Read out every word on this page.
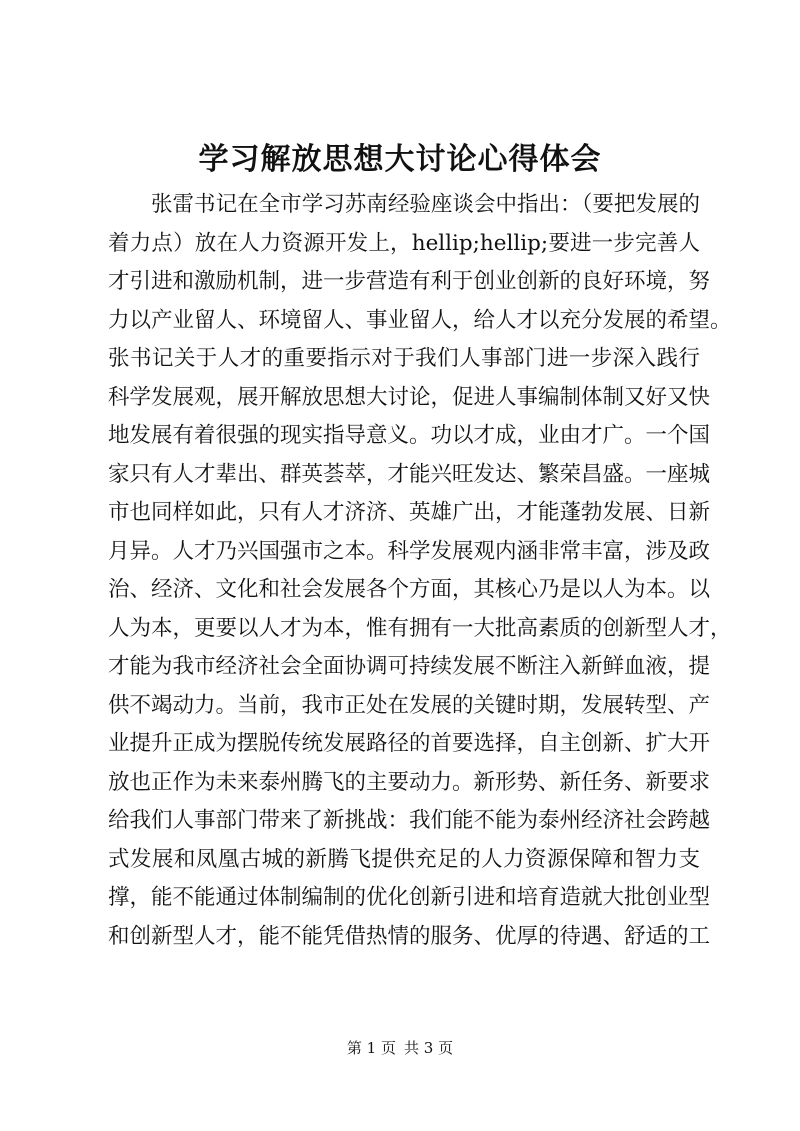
学习解放思想大讨论心得体会
张雷书记在全市学习苏南经验座谈会中指出：（要把发展的
着力点）放在人力资源开发上，hellip;hellip;要进一步完善人
才引进和激励机制，进一步营造有利于创业创新的良好环境，努
力以产业留人、环境留人、事业留人，给人才以充分发展的希望。
张书记关于人才的重要指示对于我们人事部门进一步深入践行
科学发展观，展开解放思想大讨论，促进人事编制体制又好又快
地发展有着很强的现实指导意义。功以才成，业由才广。一个国
家只有人才辈出、群英荟萃，才能兴旺发达、繁荣昌盛。一座城
市也同样如此，只有人才济济、英雄广出，才能蓬勃发展、日新
月异。人才乃兴国强市之本。科学发展观内涵非常丰富，涉及政
治、经济、文化和社会发展各个方面，其核心乃是以人为本。以
人为本，更要以人才为本，惟有拥有一大批高素质的创新型人才，
才能为我市经济社会全面协调可持续发展不断注入新鲜血液，提
供不竭动力。当前，我市正处在发展的关键时期，发展转型、产
业提升正成为摆脱传统发展路径的首要选择，自主创新、扩大开
放也正作为未来泰州腾飞的主要动力。新形势、新任务、新要求
给我们人事部门带来了新挑战：我们能不能为泰州经济社会跨越
式发展和凤凰古城的新腾飞提供充足的人力资源保障和智力支
撑，能不能通过体制编制的优化创新引进和培育造就大批创业型
和创新型人才，能不能凭借热情的服务、优厚的待遇、舒适的工
第 1 页 共 3 页
